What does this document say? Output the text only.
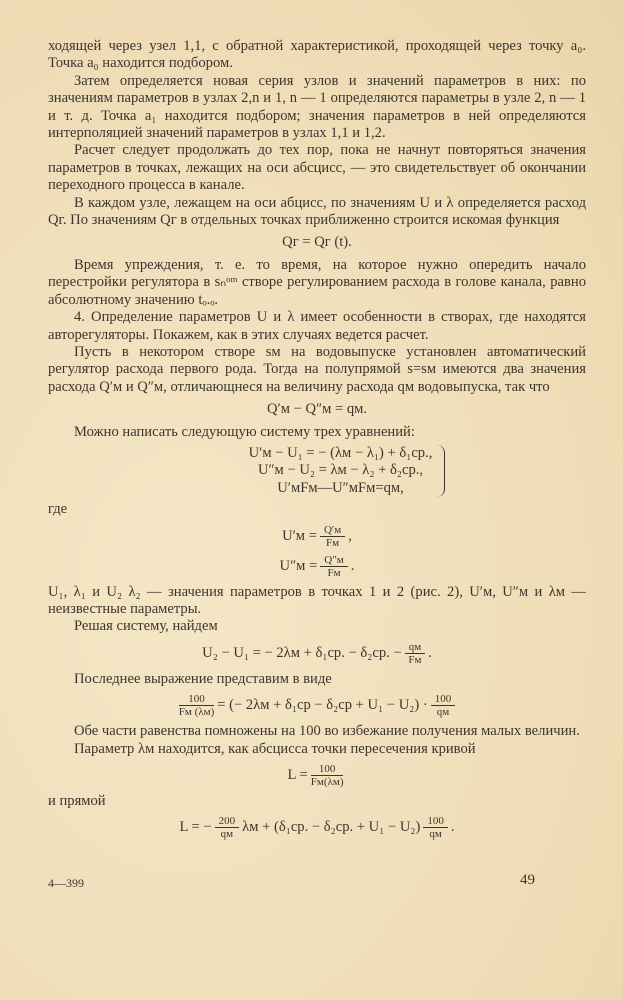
ходящей через узел 1,1, с обратной характеристикой, проходящей через точку a₀. Точка a₀ находится подбором.

Затем определяется новая серия узлов и значений параметров в них: по значениям параметров в узлах 2,n и 1, n — 1 определяются параметры в узле 2, n — 1 и т. д. Точка a₁ находится подбором; значения параметров в ней определяются интерполяцией значений параметров в узлах 1,1 и 1,2.

Расчет следует продолжать до тех пор, пока не начнут повторяться значения параметров в точках, лежащих на оси абсцисс, — это свидетельствует об окончании переходного процесса в канале.

В каждом узле, лежащем на оси абцисс, по значениям U и λ определяется расход Qг. По значениям Qг в отдельных точках приближенно строится искомая функция

Qг = Qг (t).

Время упреждения, т. е. то время, на которое нужно опередить начало перестройки регулятора в sₙᵒᵐ створе регулированием расхода в голове канала, равно абсолютному значению tₒ.ₒ.

4. Определение параметров U и λ имеет особенности в створах, где находятся авторегуляторы. Покажем, как в этих случаях ведется расчет.

Пусть в некотором створе sм на водовыпуске установлен автоматический регулятор расхода первого рода. Тогда на полупрямой s=sм имеются два значения расхода Q′м и Q″м, отличающнеся на величину расхода qм водовыпуска, так что

Q′м − Q″м = qм.

Можно написать следующую систему трех уравнений:

U′м − U₁ = − (λм − λ₁) + δ₁ср.,
U″м − U₂ = λм − λ₂ + δ₂ср.,
U′мFм—U″мFм=qм,

где

$U'м = \frac{Q'м}{Fм}$ ,
$U''м = \frac{Q''м}{Fм}$ .

U₁, λ₁ и U₂ λ₂ — значения параметров в точках 1 и 2 (рис. 2), U′м, U″м и λм — неизвестные параметры.

Решая систему, найдем

U₂ − U₁ = − 2λм + δ₁ср. − δ₂ср. − $\frac{qм}{Fм}$ .

Последнее выражение представим в виде

$\frac{100}{Fм (\lambda м)}$ = (− $2\lambda м + \delta_1ср - \delta_2ср + U_1 - U_2) \cdot \frac{100}{qм}$

Обе части равенства помножены на 100 во избежание получения малых величин.

Параметр λм находится, как абсцисса точки пересечения кривой

$L = \frac{100}{Fм(\lambda м)}$

и прямой

L = − $\frac{200}{qм}$ λм + (δ₁ср. − δ₂ср. + $U_1 - U_2) \frac{100}{qм}$ .
4—399	49
